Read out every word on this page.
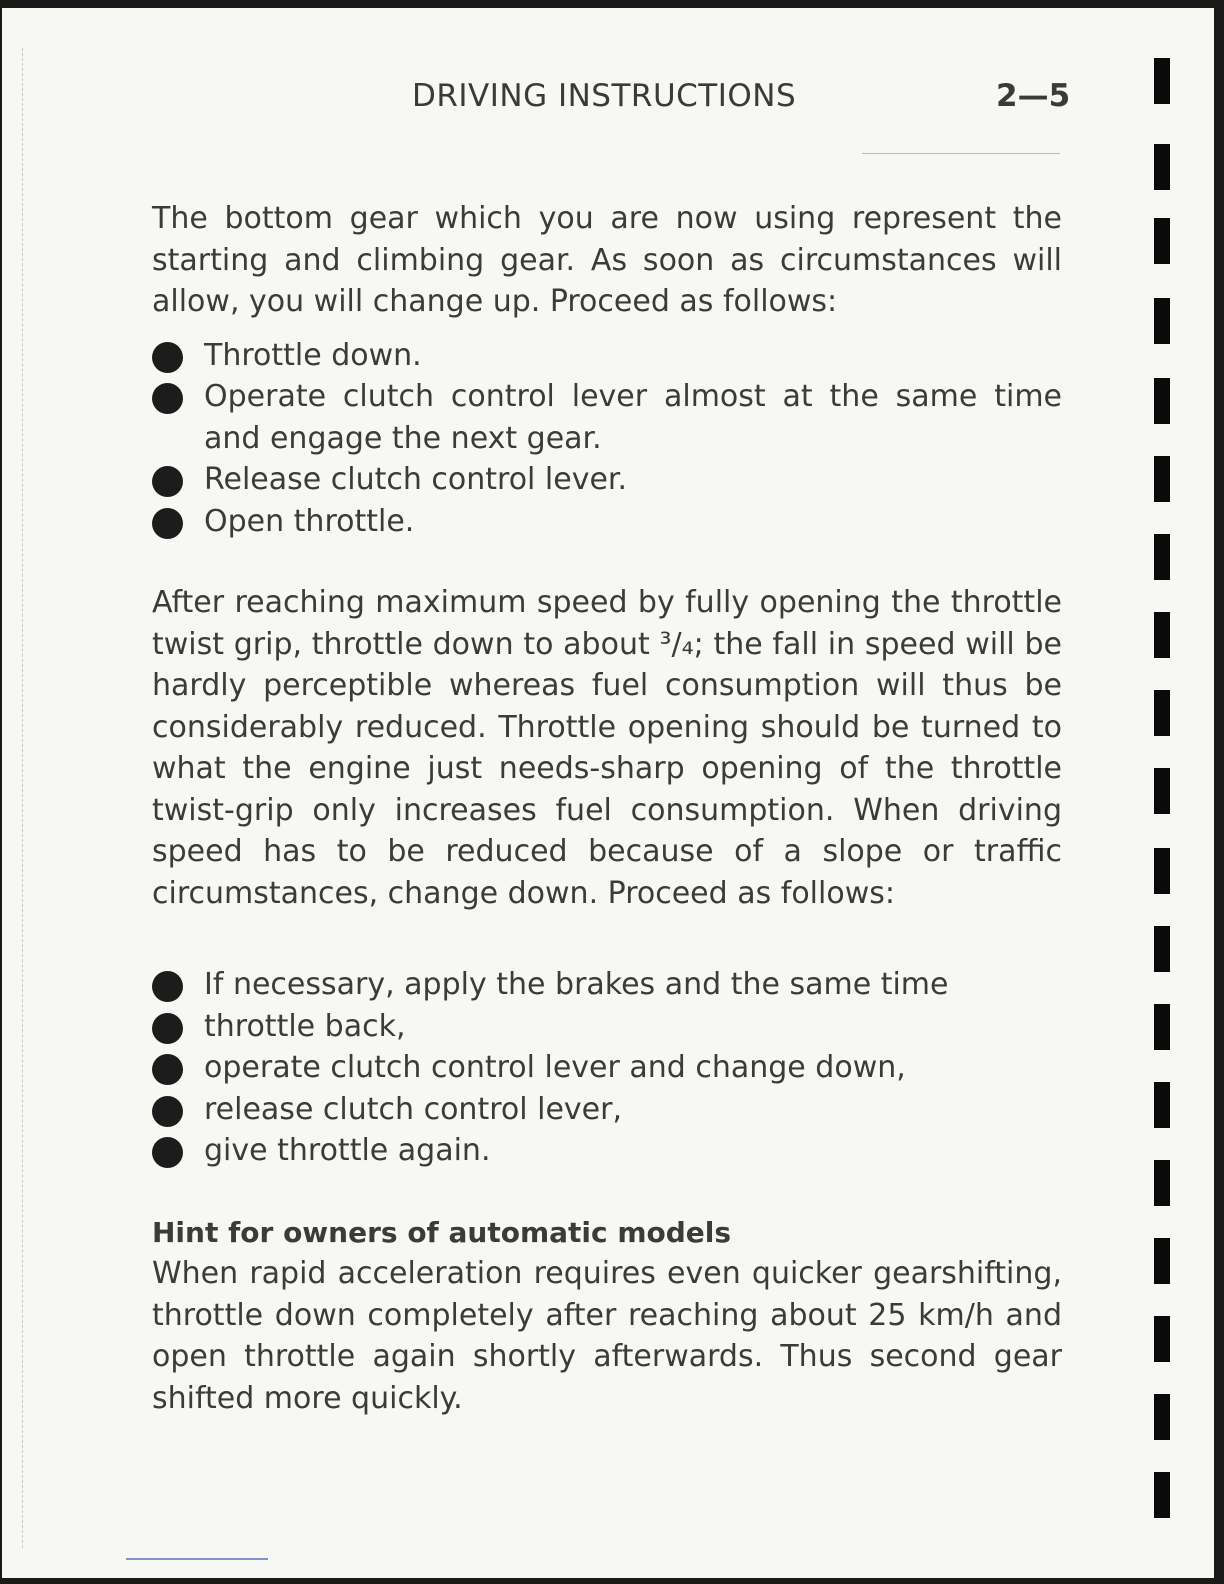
DRIVING INSTRUCTIONS	2—5

The bottom gear which you are now using represent the starting and climbing gear. As soon as circumstances will allow, you will change up. Proceed as follows:

Throttle down.
Operate clutch control lever almost at the same time and engage the next gear.
Release clutch control lever.
Open throttle.

After reaching maximum speed by fully opening the throttle twist grip, throttle down to about ³/₄; the fall in speed will be hardly perceptible whereas fuel consumption will thus be considerably reduced. Throttle opening should be turned to what the engine just needs-sharp opening of the throttle twist-grip only increases fuel consumption. When driving speed has to be reduced because of a slope or traffic circumstances, change down. Proceed as follows:

If necessary, apply the brakes and the same time
throttle back,
operate clutch control lever and change down,
release clutch control lever,
give throttle again.

Hint for owners of automatic models

When rapid acceleration requires even quicker gearshifting, throttle down completely after reaching about 25 km/h and open throttle again shortly afterwards. Thus second gear shifted more quickly.
